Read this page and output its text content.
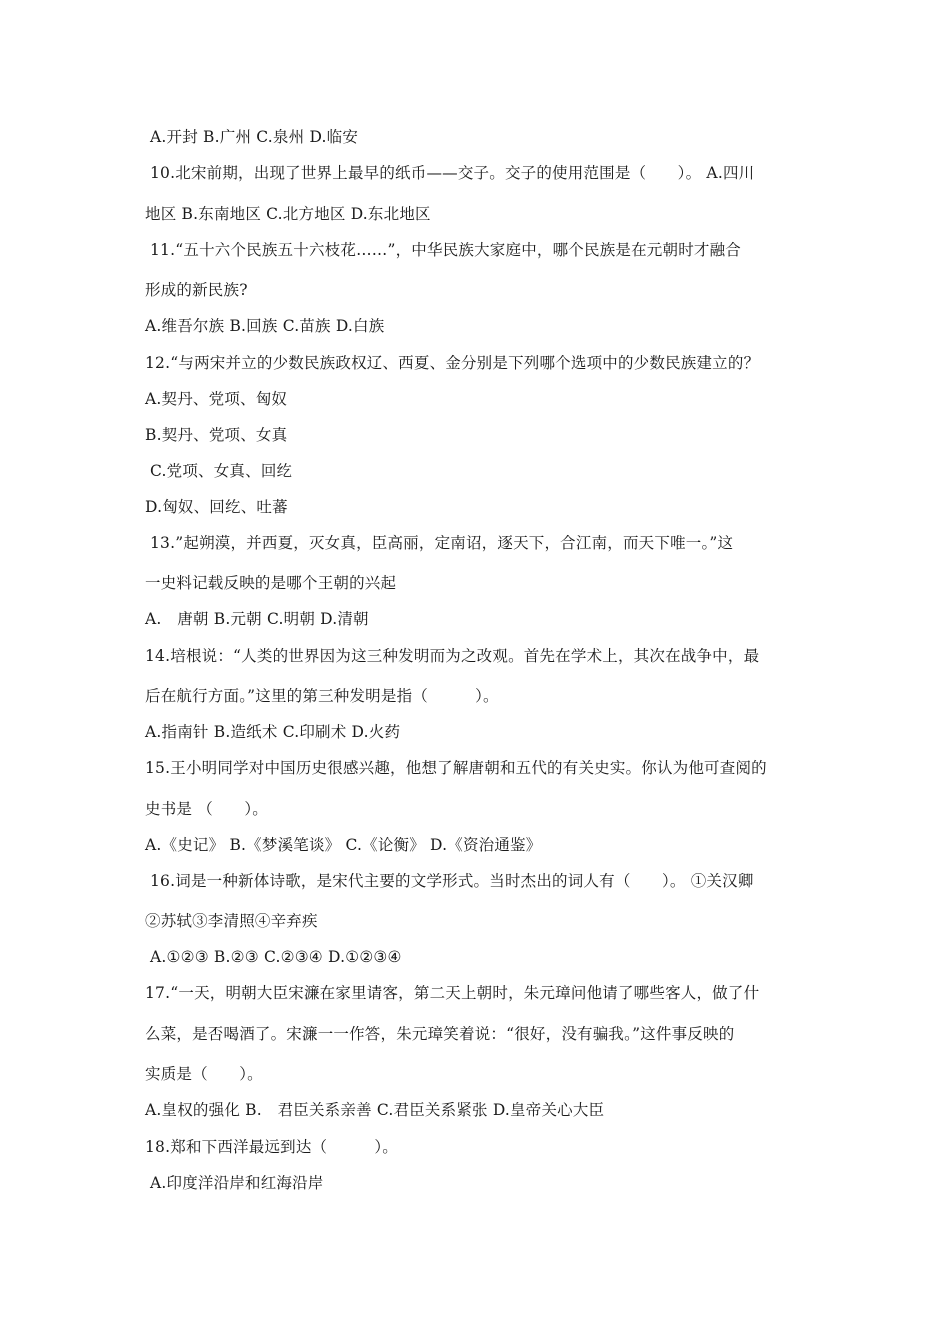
A.开封 B.广州 C.泉州 D.临安
10.北宋前期，出现了世界上最早的纸币——交子。交子的使用范围是（　　）。 A.四川
地区 B.东南地区 C.北方地区 D.东北地区
11.“五十六个民族五十六枝花……”，中华民族大家庭中，哪个民族是在元朝时才融合
形成的新民族?
A.维吾尔族 B.回族 C.苗族 D.白族
12.“与两宋并立的少数民族政权辽、西夏、金分别是下列哪个选项中的少数民族建立的？
A.契丹、党项、匈奴
B.契丹、党项、女真
C.党项、女真、回纥
D.匈奴、回纥、吐蕃
13.”起朔漠，并西夏，灭女真，臣高丽，定南诏，逐天下，合江南，而天下唯一。”这
一史料记载反映的是哪个王朝的兴起
A.　唐朝 B.元朝 C.明朝 D.清朝
14.培根说：“人类的世界因为这三种发明而为之改观。首先在学术上，其次在战争中，最
后在航行方面。”这里的第三种发明是指（　　　）。
A.指南针 B.造纸术 C.印刷术 D.火药
15.王小明同学对中国历史很感兴趣，他想了解唐朝和五代的有关史实。你认为他可查阅的
史书是 （　　）。
A.《史记》 B.《梦溪笔谈》 C.《论衡》 D.《资治通鉴》
16.词是一种新体诗歌，是宋代主要的文学形式。当时杰出的词人有（　　）。 ①关汉卿
②苏轼③李清照④辛弃疾
A.①②③ B.②③ C.②③④ D.①②③④
17.“一天，明朝大臣宋濂在家里请客，第二天上朝时，朱元璋问他请了哪些客人，做了什
么菜，是否喝酒了。宋濂一一作答，朱元璋笑着说：“很好，没有骗我。”这件事反映的
实质是（　　）。
A.皇权的强化 B.　君臣关系亲善 C.君臣关系紧张 D.皇帝关心大臣
18.郑和下西洋最远到达（　　　）。
A.印度洋沿岸和红海沿岸
